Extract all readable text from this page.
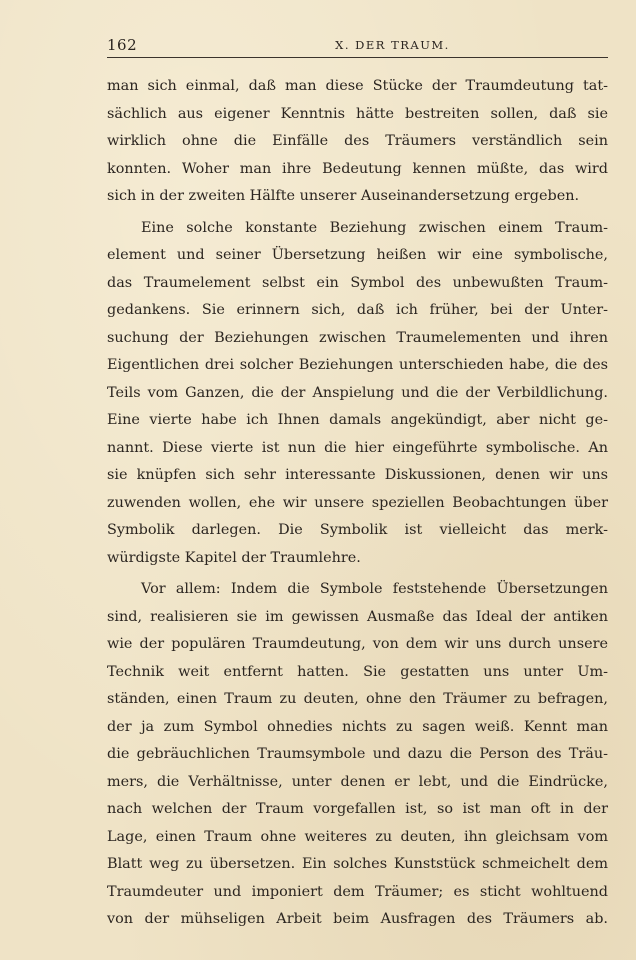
162	X. DER TRAUM.
man sich einmal, daß man diese Stücke der Traumdeutung tat-
sächlich aus eigener Kenntnis hätte bestreiten sollen, daß sie
wirklich ohne die Einfälle des Träumers verständlich sein
konnten. Woher man ihre Bedeutung kennen müßte, das wird
sich in der zweiten Hälfte unserer Auseinandersetzung ergeben.
Eine solche konstante Beziehung zwischen einem Traum-
element und seiner Übersetzung heißen wir eine symbolische,
das Traumelement selbst ein Symbol des unbewußten Traum-
gedankens. Sie erinnern sich, daß ich früher, bei der Unter-
suchung der Beziehungen zwischen Traumelementen und ihren
Eigentlichen drei solcher Beziehungen unterschieden habe, die des
Teils vom Ganzen, die der Anspielung und die der Verbildlichung.
Eine vierte habe ich Ihnen damals angekündigt, aber nicht ge-
nannt. Diese vierte ist nun die hier eingeführte symbolische. An
sie knüpfen sich sehr interessante Diskussionen, denen wir uns
zuwenden wollen, ehe wir unsere speziellen Beobachtungen über
Symbolik darlegen. Die Symbolik ist vielleicht das merk-
würdigste Kapitel der Traumlehre.
Vor allem: Indem die Symbole feststehende Übersetzungen
sind, realisieren sie im gewissen Ausmaße das Ideal der antiken
wie der populären Traumdeutung, von dem wir uns durch unsere
Technik weit entfernt hatten. Sie gestatten uns unter Um-
ständen, einen Traum zu deuten, ohne den Träumer zu befragen,
der ja zum Symbol ohnedies nichts zu sagen weiß. Kennt man
die gebräuchlichen Traumsymbole und dazu die Person des Träu-
mers, die Verhältnisse, unter denen er lebt, und die Eindrücke,
nach welchen der Traum vorgefallen ist, so ist man oft in der
Lage, einen Traum ohne weiteres zu deuten, ihn gleichsam vom
Blatt weg zu übersetzen. Ein solches Kunststück schmeichelt dem
Traumdeuter und imponiert dem Träumer; es sticht wohltuend
von der mühseligen Arbeit beim Ausfragen des Träumers ab.
